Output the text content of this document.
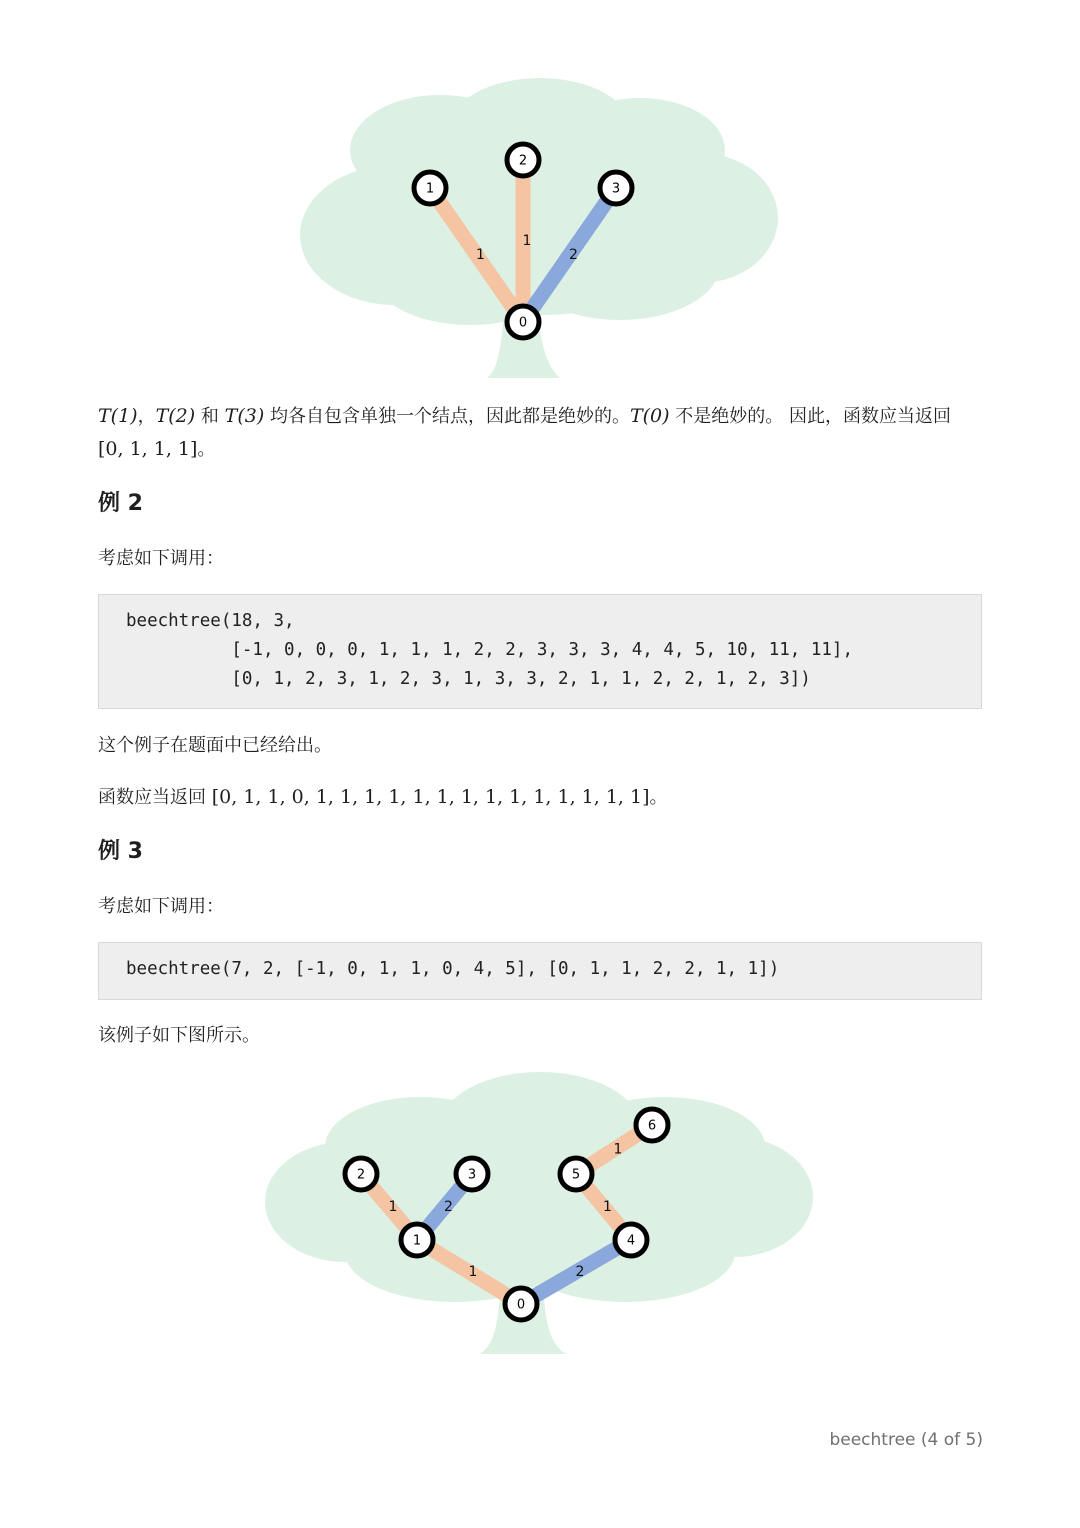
1
1
2
0
1
2
3
T(1)，T(2) 和 T(3) 均各自包含单独一个结点，因此都是绝妙的。T(0) 不是绝妙的。 因此，函数应当返回 [0, 1, 1, 1]。
例 2
考虑如下调用：
beechtree(18, 3,
[-1, 0, 0, 0, 1, 1, 1, 2, 2, 3, 3, 3, 4, 4, 5, 10, 11, 11],
[0, 1, 2, 3, 1, 2, 3, 1, 3, 3, 2, 1, 1, 2, 2, 1, 2, 3])
这个例子在题面中已经给出。
函数应当返回 [0, 1, 1, 0, 1, 1, 1, 1, 1, 1, 1, 1, 1, 1, 1, 1, 1, 1]。
例 3
考虑如下调用：
beechtree(7, 2, [-1, 0, 1, 1, 0, 4, 5], [0, 1, 1, 2, 2, 1, 1])
该例子如下图所示。
1
1	2
2
1
1
0
1
2	3
4
5
6
beechtree (4 of 5)
